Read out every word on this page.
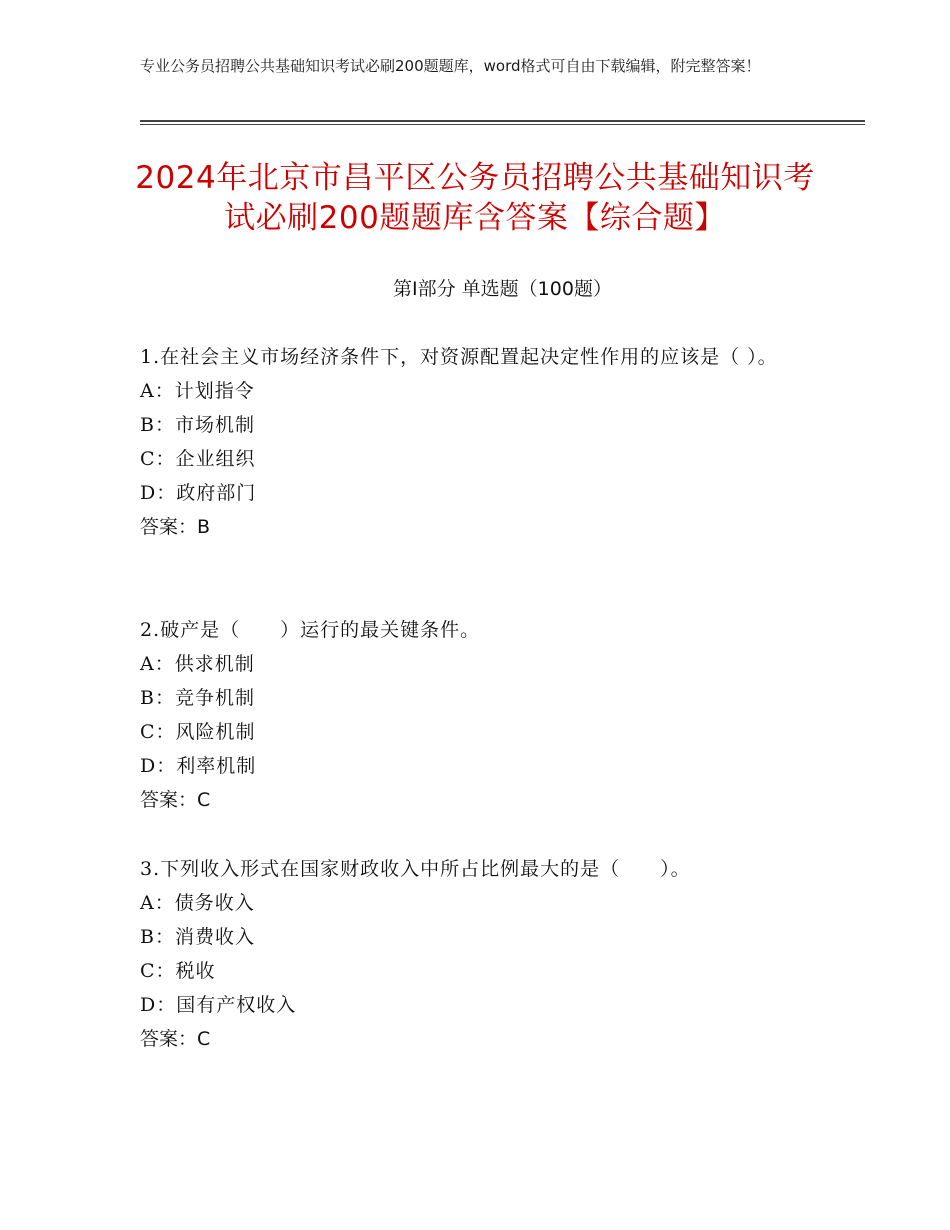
专业公务员招聘公共基础知识考试必刷200题题库，word格式可自由下载编辑，附完整答案！
2024年北京市昌平区公务员招聘公共基础知识考试必刷200题题库含答案【综合题】
第Ⅰ部分 单选题（100题）
1.在社会主义市场经济条件下，对资源配置起决定性作用的应该是（ ）。
A：计划指令
B：市场机制
C：企业组织
D：政府部门
答案：B
2.破产是（　　）运行的最关键条件。
A：供求机制
B：竞争机制
C：风险机制
D：利率机制
答案：C
3.下列收入形式在国家财政收入中所占比例最大的是（　　）。
A：债务收入
B：消费收入
C：税收
D：国有产权收入
答案：C
